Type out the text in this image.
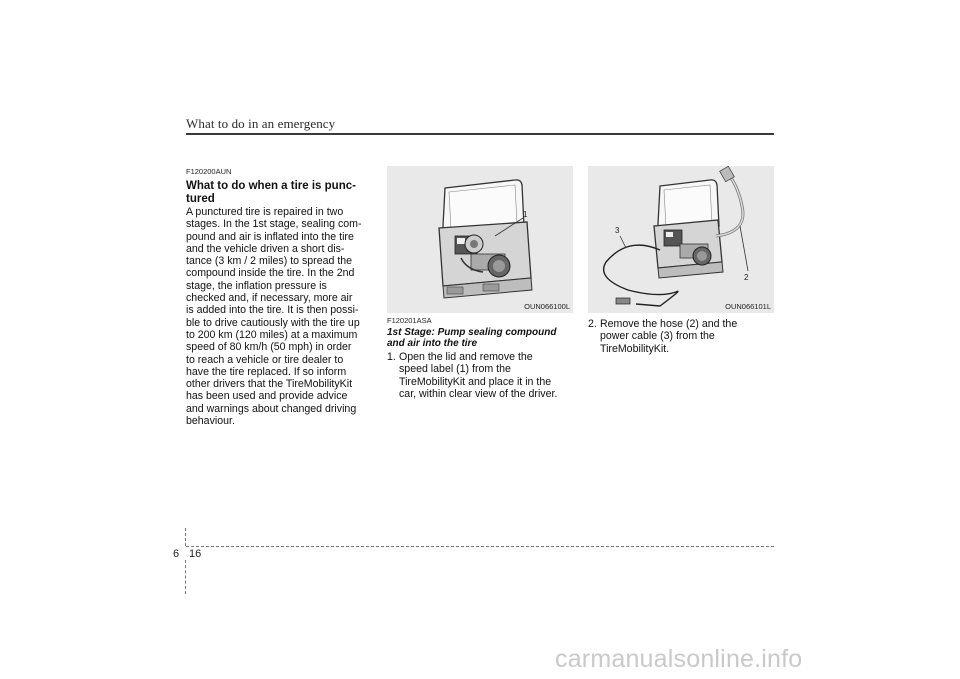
What to do in an emergency
F120200AUN
What to do when a tire is punc-
tured
A punctured tire is repaired in two
stages. In the 1st stage, sealing com-
pound and air is inflated into the tire
and the vehicle driven a short dis-
tance (3 km / 2 miles) to spread the
compound inside the tire. In the 2nd
stage, the inflation pressure is
checked and, if necessary, more air
is added into the tire. It is then possi-
ble to drive cautiously with the tire up
to 200 km (120 miles) at a maximum
speed of 80 km/h (50 mph) in order
to reach a vehicle or tire dealer to
have the tire replaced. If so inform
other drivers that the TireMobilityKit
has been used and provide advice
and warnings about changed driving
behaviour.
1
OUN066100L
F120201ASA
1st Stage: Pump sealing compound
and air into the tire
1. Open the lid and remove the
speed label (1) from the
TireMobilityKit and place it in the
car, within clear view of the driver.
3
2
OUN066101L
2. Remove the hose (2) and the
power cable (3) from the
TireMobilityKit.
6 16
carmanualsonline.info
